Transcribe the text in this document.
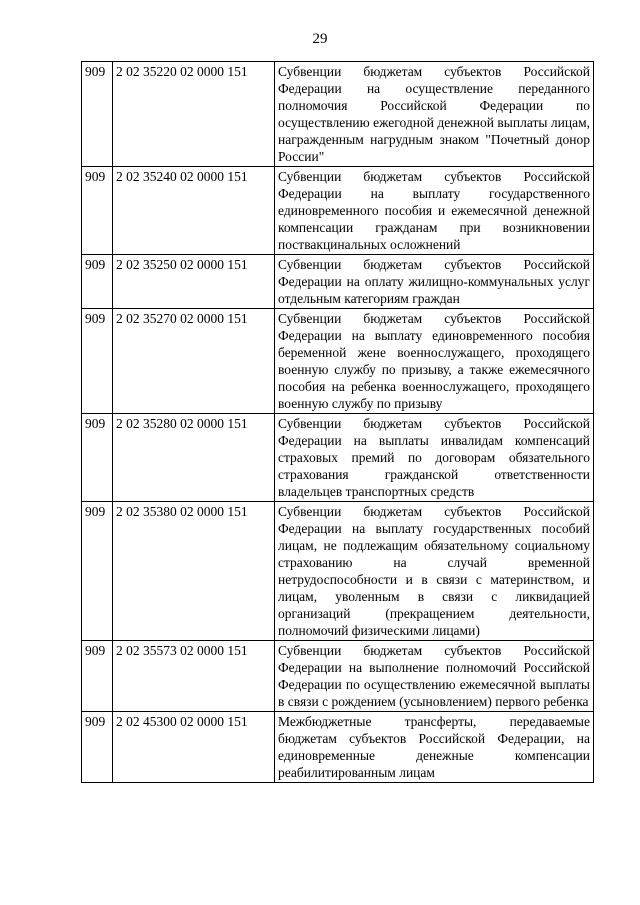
29
909	2 02 35220 02 0000 151	Субвенции бюджетам субъектов Российской Федерации на осуществление переданного полномочия Российской Федерации по осуществлению ежегодной денежной выплаты лицам, награжденным нагрудным знаком "Почетный донор России"
909	2 02 35240 02 0000 151	Субвенции бюджетам субъектов Российской Федерации на выплату государственного единовременного пособия и ежемесячной денежной компенсации гражданам при возникновении поствакцинальных осложнений
909	2 02 35250 02 0000 151	Субвенции бюджетам субъектов Российской Федерации на оплату жилищно-коммунальных услуг отдельным категориям граждан
909	2 02 35270 02 0000 151	Субвенции бюджетам субъектов Российской Федерации на выплату единовременного пособия беременной жене военнослужащего, проходящего военную службу по призыву, а также ежемесячного пособия на ребенка военнослужащего, проходящего военную службу по призыву
909	2 02 35280 02 0000 151	Субвенции бюджетам субъектов Российской Федерации на выплаты инвалидам компенсаций страховых премий по договорам обязательного страхования гражданской ответственности владельцев транспортных средств
909	2 02 35380 02 0000 151	Субвенции бюджетам субъектов Российской Федерации на выплату государственных пособий лицам, не подлежащим обязательному социальному страхованию на случай временной нетрудоспособности и в связи с материнством, и лицам, уволенным в связи с ликвидацией организаций (прекращением деятельности, полномочий физическими лицами)
909	2 02 35573 02 0000 151	Субвенции бюджетам субъектов Российской Федерации на выполнение полномочий Российской Федерации по осуществлению ежемесячной выплаты в связи с рождением (усыновлением) первого ребенка
909	2 02 45300 02 0000 151	Межбюджетные трансферты, передаваемые бюджетам субъектов Российской Федерации, на единовременные денежные компенсации реабилитированным лицам
